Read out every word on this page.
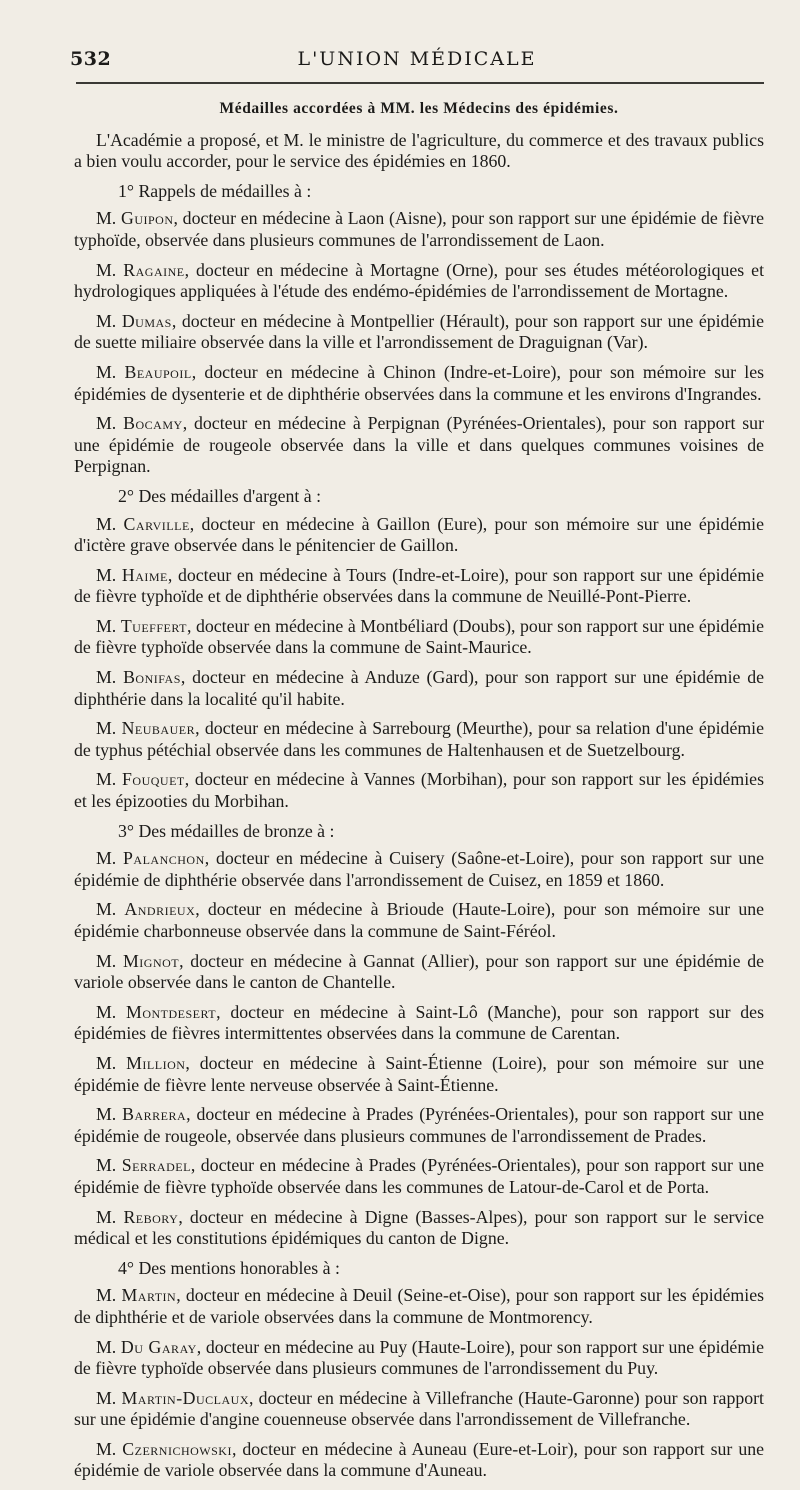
532	L'UNION MÉDICALE
Médailles accordées à MM. les Médecins des épidémies.

L'Académie a proposé, et M. le ministre de l'agriculture, du commerce et des travaux publics a bien voulu accorder, pour le service des épidémies en 1860.

1° Rappels de médailles à :

M. Guipon, docteur en médecine à Laon (Aisne), pour son rapport sur une épidémie de fièvre typhoïde, observée dans plusieurs communes de l'arrondissement de Laon.

M. Ragaine, docteur en médecine à Mortagne (Orne), pour ses études météorologiques et hydrologiques appliquées à l'étude des endémo-épidémies de l'arrondissement de Mortagne.

M. Dumas, docteur en médecine à Montpellier (Hérault), pour son rapport sur une épidémie de suette miliaire observée dans la ville et l'arrondissement de Draguignan (Var).

M. Beaupoil, docteur en médecine à Chinon (Indre-et-Loire), pour son mémoire sur les épidémies de dysenterie et de diphthérie observées dans la commune et les environs d'Ingrandes.

M. Bocamy, docteur en médecine à Perpignan (Pyrénées-Orientales), pour son rapport sur une épidémie de rougeole observée dans la ville et dans quelques communes voisines de Perpignan.

2° Des médailles d'argent à :

M. Carville, docteur en médecine à Gaillon (Eure), pour son mémoire sur une épidémie d'ictère grave observée dans le pénitencier de Gaillon.

M. Haime, docteur en médecine à Tours (Indre-et-Loire), pour son rapport sur une épidémie de fièvre typhoïde et de diphthérie observées dans la commune de Neuillé-Pont-Pierre.

M. Tueffert, docteur en médecine à Montbéliard (Doubs), pour son rapport sur une épidémie de fièvre typhoïde observée dans la commune de Saint-Maurice.

M. Bonifas, docteur en médecine à Anduze (Gard), pour son rapport sur une épidémie de diphthérie dans la localité qu'il habite.

M. Neubauer, docteur en médecine à Sarrebourg (Meurthe), pour sa relation d'une épidémie de typhus pétéchial observée dans les communes de Haltenhausen et de Suetzelbourg.

M. Fouquet, docteur en médecine à Vannes (Morbihan), pour son rapport sur les épidémies et les épizooties du Morbihan.

3° Des médailles de bronze à :

M. Palanchon, docteur en médecine à Cuisery (Saône-et-Loire), pour son rapport sur une épidémie de diphthérie observée dans l'arrondissement de Cuisez, en 1859 et 1860.

M. Andrieux, docteur en médecine à Brioude (Haute-Loire), pour son mémoire sur une épidémie charbonneuse observée dans la commune de Saint-Féréol.

M. Mignot, docteur en médecine à Gannat (Allier), pour son rapport sur une épidémie de variole observée dans le canton de Chantelle.

M. Montdesert, docteur en médecine à Saint-Lô (Manche), pour son rapport sur des épidémies de fièvres intermittentes observées dans la commune de Carentan.

M. Million, docteur en médecine à Saint-Étienne (Loire), pour son mémoire sur une épidémie de fièvre lente nerveuse observée à Saint-Étienne.

M. Barrera, docteur en médecine à Prades (Pyrénées-Orientales), pour son rapport sur une épidémie de rougeole, observée dans plusieurs communes de l'arrondissement de Prades.

M. Serradel, docteur en médecine à Prades (Pyrénées-Orientales), pour son rapport sur une épidémie de fièvre typhoïde observée dans les communes de Latour-de-Carol et de Porta.

M. Rebory, docteur en médecine à Digne (Basses-Alpes), pour son rapport sur le service médical et les constitutions épidémiques du canton de Digne.

4° Des mentions honorables à :

M. Martin, docteur en médecine à Deuil (Seine-et-Oise), pour son rapport sur les épidémies de diphthérie et de variole observées dans la commune de Montmorency.

M. Du Garay, docteur en médecine au Puy (Haute-Loire), pour son rapport sur une épidémie de fièvre typhoïde observée dans plusieurs communes de l'arrondissement du Puy.

M. Martin-Duclaux, docteur en médecine à Villefranche (Haute-Garonne) pour son rapport sur une épidémie d'angine couenneuse observée dans l'arrondissement de Villefranche.

M. Czernichowski, docteur en médecine à Auneau (Eure-et-Loir), pour son rapport sur une épidémie de variole observée dans la commune d'Auneau.
